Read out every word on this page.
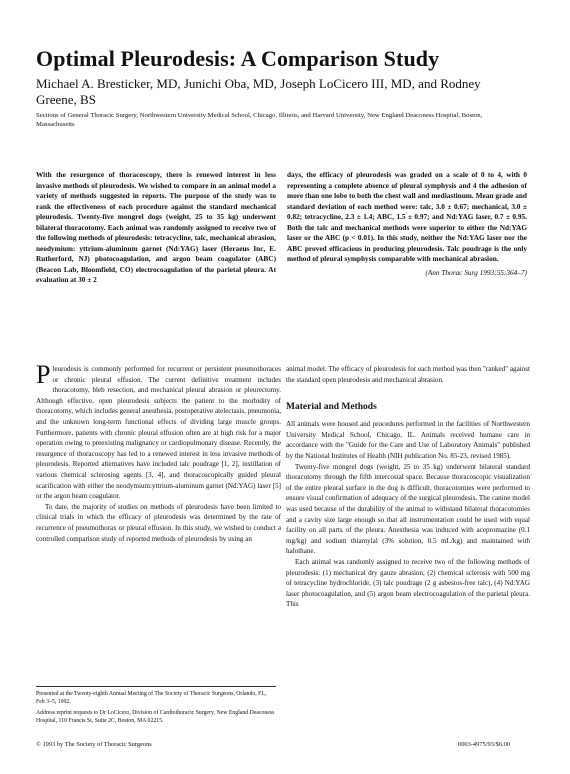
Optimal Pleurodesis: A Comparison Study
Michael A. Bresticker, MD, Junichi Oba, MD, Joseph LoCicero III, MD, and Rodney Greene, BS
Sections of General Thoracic Surgery, Northwestern University Medical School, Chicago, Illinois, and Harvard University, New England Deaconess Hospital, Boston, Massachusetts
With the resurgence of thoracoscopy, there is renewed interest in less invasive methods of pleurodesis. We wished to compare in an animal model a variety of methods suggested in reports. The purpose of the study was to rank the effectiveness of each procedure against the standard mechanical pleurodesis. Twenty-five mongrel dogs (weight, 25 to 35 kg) underwent bilateral thoracotomy. Each animal was randomly assigned to receive two of the following methods of pleurodesis: tetracycline, talc, mechanical abrasion, neodymium: yttrium-aluminum garnet (Nd:YAG) laser (Heraeus Inc, E. Rutherford, NJ) photocoagulation, and argon beam coagulator (ABC) (Beacon Lab, Bloomfield, CO) electrocoagulation of the parietal pleura. At evaluation at 30 ± 2
days, the efficacy of pleurodesis was graded on a scale of 0 to 4, with 0 representing a complete absence of pleural symphysis and 4 the adhesion of more than one lobe to both the chest wall and mediastinum. Mean grade and standard deviation of each method were: talc, 3.0 ± 0.67; mechanical, 3.0 ± 0.82; tetracycline, 2.3 ± 1.4; ABC, 1.5 ± 0.97; and Nd:YAG laser, 0.7 ± 0.95. Both the talc and mechanical methods were superior to either the Nd:YAG laser or the ABC (p < 0.01). In this study, neither the Nd:YAG laser nor the ABC proved efficacious in producing pleurodesis. Talc poudrage is the only method of pleural symphysis comparable with mechanical abrasion.
(Ann Thorac Surg 1993;55:364–7)

Pleurodesis is commonly performed for recurrent or persistent pneumothoraces or chronic pleural effusion. The current definitive treatment includes thoracotomy, bleb resection, and mechanical pleural abrasion or pleurectomy. Although effective, open pleurodesis subjects the patient to the morbidity of thoracotomy, which includes general anesthesia, postoperative atelectasis, pneumonia, and the unknown long-term functional effects of dividing large muscle groups. Furthermore, patients with chronic pleural effusion often are at high risk for a major operation owing to preexisting malignancy or cardiopulmonary disease. Recently, the resurgence of thoracoscopy has led to a renewed interest in less invasive methods of pleurodesis. Reported alternatives have included talc poudrage [1, 2], instillation of various chemical sclerosing agents [3, 4], and thoracoscopically guided pleural scarification with either the neodymium:yttrium-aluminum garnet (Nd:YAG) laser [5] or the argon beam coagulator.

To date, the majority of studies on methods of pleurodesis have been limited to clinical trials in which the efficacy of pleurodesis was determined by the rate of recurrence of pneumothorax or pleural effusion. In this study, we wished to conduct a controlled comparison study of reported methods of pleurodesis by using an

animal model. The efficacy of pleurodesis for each method was then "ranked" against the standard open pleurodesis and mechanical abrasion.

Material and Methods

All animals were housed and procedures performed in the facilities of Northwestern University Medical School, Chicago, IL. Animals received humane care in accordance with the "Guide for the Care and Use of Laboratory Animals" published by the National Institutes of Health (NIH publication No. 85-23, revised 1985).

Twenty-five mongrel dogs (weight, 25 to 35 kg) underwent bilateral standard thoracotomy through the fifth intercostal space. Because thoracoscopic visualization of the entire pleural surface in the dog is difficult, thoracotomies were performed to ensure visual confirmation of adequacy of the surgical pleurodesis. The canine model was used because of the durability of the animal to withstand bilateral thoracotomies and a cavity size large enough so that all instrumentation could be used with equal facility on all parts of the pleura. Anesthesia was induced with acepromazine (0.1 mg/kg) and sodium thiamylal (3% solution, 0.5 mL/kg) and maintained with halothane.

Each animal was randomly assigned to receive two of the following methods of pleurodesis: (1) mechanical dry gauze abrasion, (2) chemical sclerosis with 500 mg of tetracycline hydrochloride, (3) talc poudrage (2 g asbestos-free talc), (4) Nd:YAG laser photocoagulation, and (5) argon beam electrocoagulation of the parietal pleura. This

Presented at the Twenty-eighth Annual Meeting of The Society of Thoracic Surgeons, Orlando, FL, Feb 3–5, 1992.

Address reprint requests to Dr LoCicero, Division of Cardiothoracic Surgery, New England Deaconess Hospital, 110 Francis St, Suite 2C, Boston, MA 02215.

© 1993 by The Society of Thoracic Surgeons	0003-4975/93/$6.00
